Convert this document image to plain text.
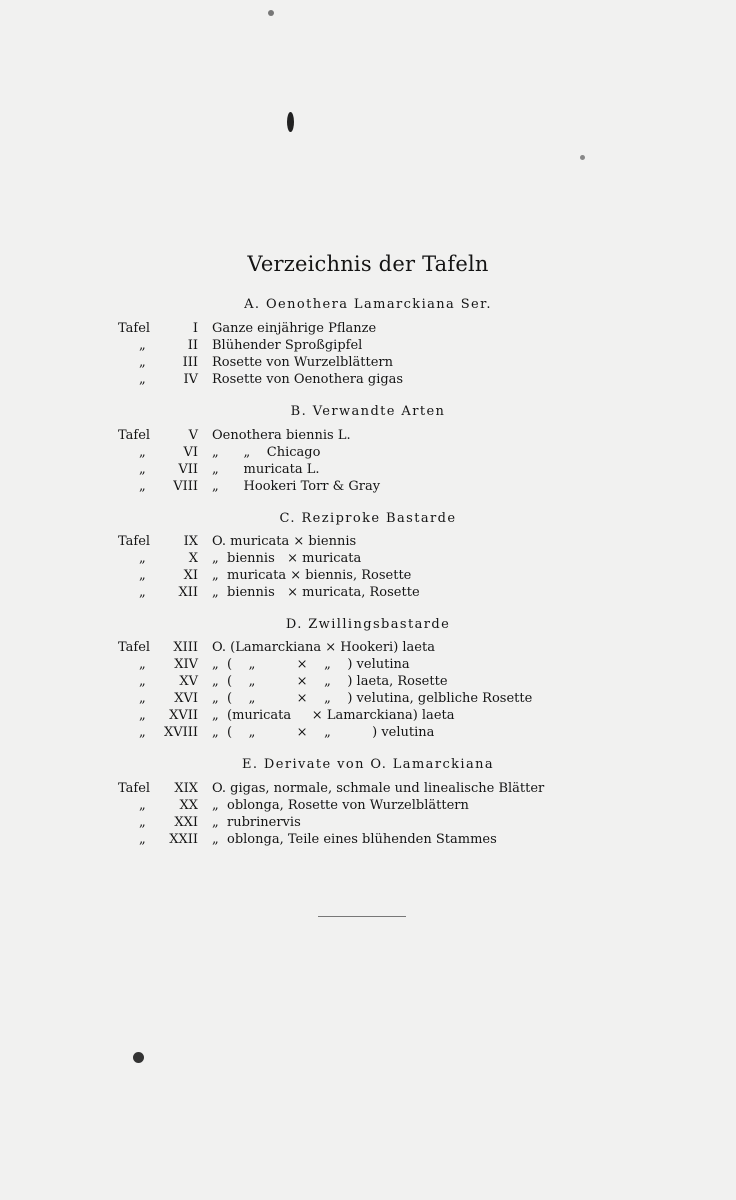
Verzeichnis der Tafeln
A. Oenothera Lamarckiana Ser.
Tafel	I Ganze einjährige Pflanze
„	II Blühender Sproßgipfel
„	III Rosette von Wurzelblättern
„	IV Rosette von Oenothera gigas
B. Verwandte Arten
Tafel	V Oenothera biennis L.
„	VI „      „    Chicago
„	VII „      muricata L.
„	VIII „      Hookeri Torr & Gray
C. Reziproke Bastarde
Tafel	IX O. muricata × biennis
„	X „  biennis   × muricata
„	XI „  muricata × biennis, Rosette
„	XII „  biennis   × muricata, Rosette
D. Zwillingsbastarde
Tafel	XIII O. (Lamarckiana × Hookeri) laeta
„	XIV „  (    „          ×    „    ) velutina
„	XV „  (    „          ×    „    ) laeta, Rosette
„	XVI „  (    „          ×    „    ) velutina, gelbliche Rosette
„	XVII „  (muricata     × Lamarckiana) laeta
„	XVIII „  (    „          ×    „          ) velutina
E. Derivate von O. Lamarckiana
Tafel	XIX O. gigas, normale, schmale und linealische Blätter
„	XX „  oblonga, Rosette von Wurzelblättern
„	XXI „  rubrinervis
„	XXII „  oblonga, Teile eines blühenden Stammes
